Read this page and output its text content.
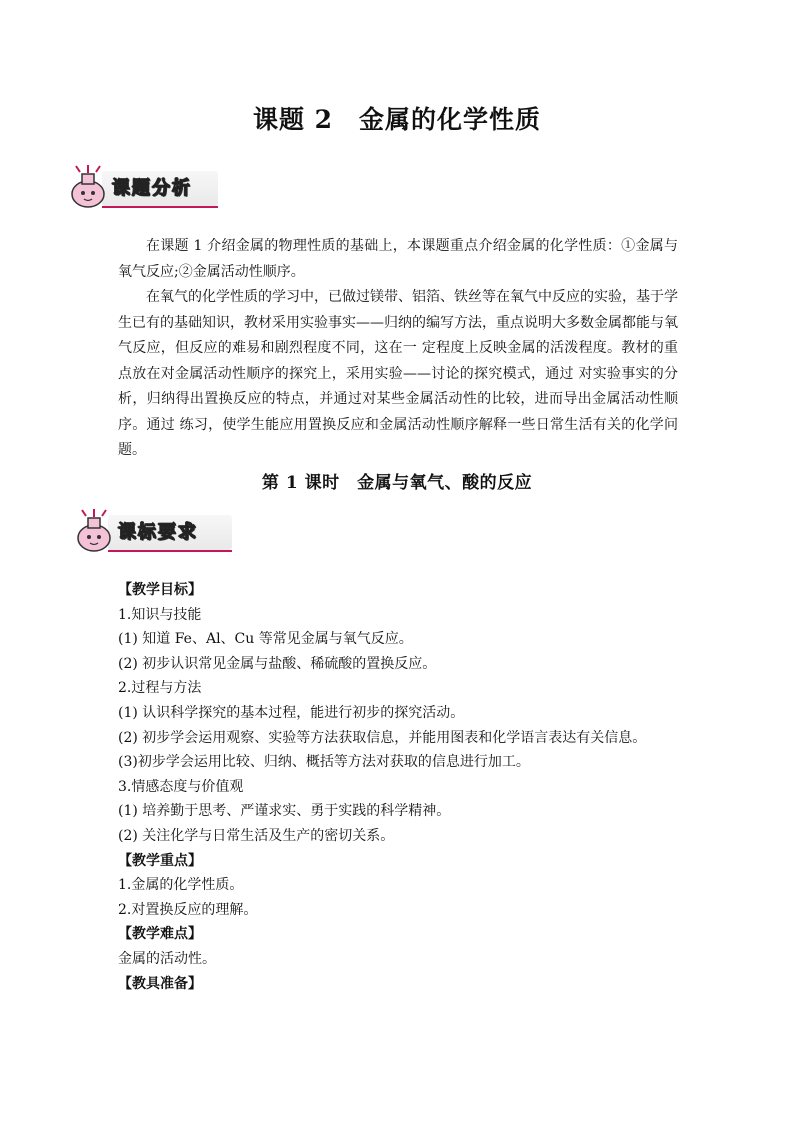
课题 2　金属的化学性质
课题分析

在课题 1 介绍金属的物理性质的基础上，本课题重点介绍金属的化学性质：①金属与氧气反应;②金属活动性顺序。

在氧气的化学性质的学习中，已做过镁带、铝箔、铁丝等在氧气中反应的实验，基于学生已有的基础知识，教材采用实验事实——归纳的编写方法，重点说明大多数金属都能与氧气反应，但反应的难易和剧烈程度不同，这在一 定程度上反映金属的活泼程度。教材的重点放在对金属活动性顺序的探究上，采用实验——讨论的探究模式，通过 对实验事实的分析，归纳得出置换反应的特点，并通过对某些金属活动性的比较，进而导出金属活动性顺序。通过 练习，使学生能应用置换反应和金属活动性顺序解释一些日常生活有关的化学问题。

第 1 课时　金属与氧气、酸的反应
课标要求
【教学目标】
1.知识与技能
(1) 知道 Fe、Al、Cu 等常见金属与氧气反应。
(2) 初步认识常见金属与盐酸、稀硫酸的置换反应。
2.过程与方法
(1) 认识科学探究的基本过程，能进行初步的探究活动。
(2) 初步学会运用观察、实验等方法获取信息，并能用图表和化学语言表达有关信息。
(3)初步学会运用比较、归纳、概括等方法对获取的信息进行加工。
3.情感态度与价值观
(1) 培养勤于思考、严谨求实、勇于实践的科学精神。
(2) 关注化学与日常生活及生产的密切关系。
【教学重点】
1.金属的化学性质。
2.对置换反应的理解。
【教学难点】
金属的活动性。
【教具准备】
